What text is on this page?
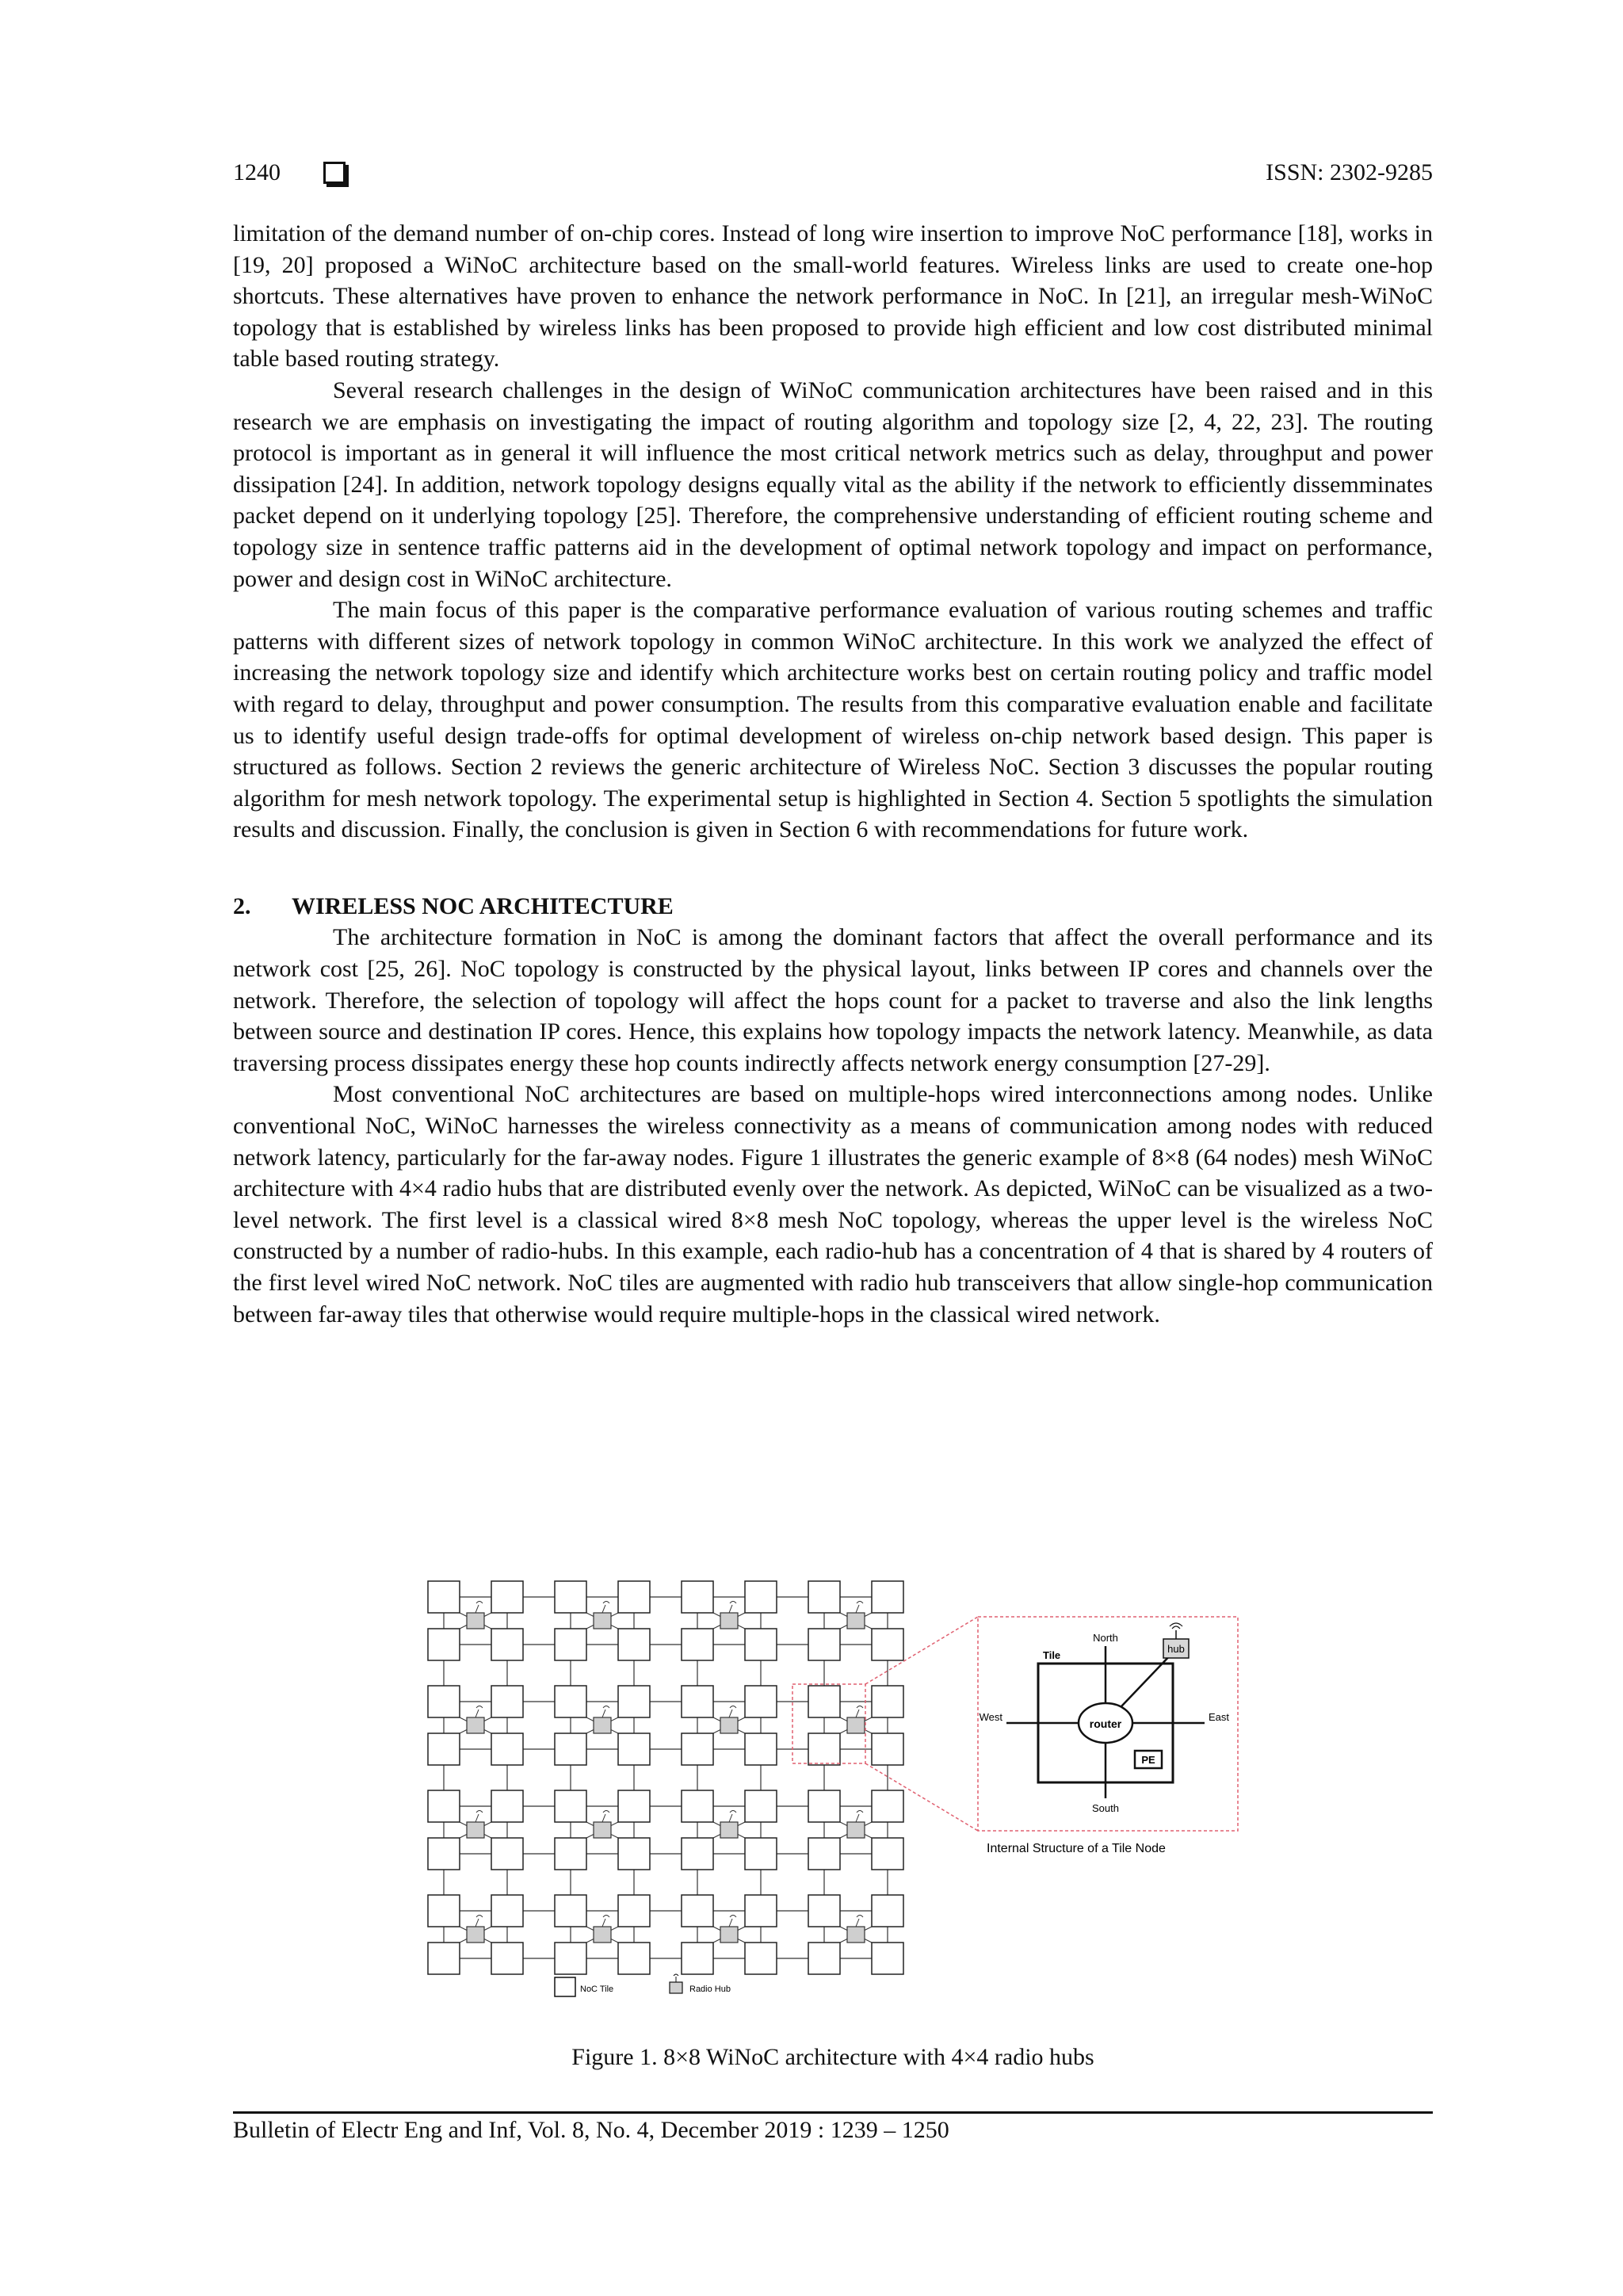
1240	ISSN: 2302-9285

limitation of the demand number of on-chip cores. Instead of long wire insertion to improve NoC performance [18], works in [19, 20] proposed a WiNoC architecture based on the small-world features. Wireless links are used to create one-hop shortcuts. These alternatives have proven to enhance the network performance in NoC. In [21], an irregular mesh-WiNoC topology that is established by wireless links has been proposed to provide high efficient and low cost distributed minimal table based routing strategy.

Several research challenges in the design of WiNoC communication architectures have been raised and in this research we are emphasis on investigating the impact of routing algorithm and topology size [2, 4, 22, 23]. The routing protocol is important as in general it will influence the most critical network metrics such as delay, throughput and power dissipation [24]. In addition, network topology designs equally vital as the ability if the network to efficiently dissemminates packet depend on it underlying topology [25]. Therefore, the comprehensive understanding of efficient routing scheme and topology size in sentence traffic patterns aid in the development of optimal network topology and impact on performance, power and design cost in WiNoC architecture.

The main focus of this paper is the comparative performance evaluation of various routing schemes and traffic patterns with different sizes of network topology in common WiNoC architecture. In this work we analyzed the effect of increasing the network topology size and identify which architecture works best on certain routing policy and traffic model with regard to delay, throughput and power consumption. The results from this comparative evaluation enable and facilitate us to identify useful design trade-offs for optimal development of wireless on-chip network based design. This paper is structured as follows. Section 2 reviews the generic architecture of Wireless NoC. Section 3 discusses the popular routing algorithm for mesh network topology. The experimental setup is highlighted in Section 4. Section 5 spotlights the simulation results and discussion. Finally, the conclusion is given in Section 6 with recommendations for future work.

2.	WIRELESS NOC ARCHITECTURE

The architecture formation in NoC is among the dominant factors that affect the overall performance and its network cost [25, 26]. NoC topology is constructed by the physical layout, links between IP cores and channels over the network. Therefore, the selection of topology will affect the hops count for a packet to traverse and also the link lengths between source and destination IP cores. Hence, this explains how topology impacts the network latency. Meanwhile, as data traversing process dissipates energy these hop counts indirectly affects network energy consumption [27-29].

Most conventional NoC architectures are based on multiple-hops wired interconnections among nodes. Unlike conventional NoC, WiNoC harnesses the wireless connectivity as a means of communication among nodes with reduced network latency, particularly for the far-away nodes. Figure 1 illustrates the generic example of 8×8 (64 nodes) mesh WiNoC architecture with 4×4 radio hubs that are distributed evenly over the network. As depicted, WiNoC can be visualized as a two-level network. The first level is a classical wired 8×8 mesh NoC topology, whereas the upper level is the wireless NoC constructed by a number of radio-hubs. In this example, each radio-hub has a concentration of 4 that is shared by 4 routers of the first level wired NoC network. NoC tiles are augmented with radio hub transceivers that allow single-hop communication between far-away tiles that otherwise would require multiple-hops in the classical wired network.

router
PE
hub
North
South
East
West
Tile
Internal Structure of a Tile Node
NoC Tile	Radio Hub
Figure 1. 8×8 WiNoC architecture with 4×4 radio hubs
Bulletin of Electr Eng and Inf, Vol. 8, No. 4, December 2019 : 1239 – 1250
